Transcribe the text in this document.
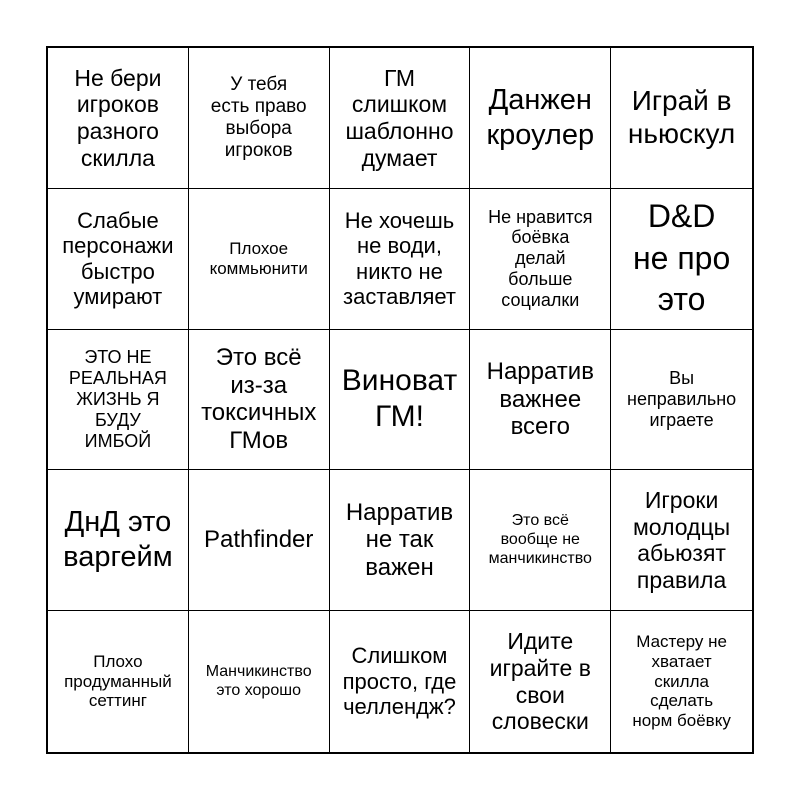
Не бери
игроков
разного
скилла
У тебя
есть право
выбора
игроков
ГМ
слишком
шаблонно
думает
Данжен
кроулер
Играй в
ньюскул
Слабые
персонажи
быстро
умирают
Плохое
коммьюнити
Не хочешь
не води,
никто не
заставляет
Не нравится
боёвка
делай
больше
социалки
D&D
не про
это
ЭТО НЕ
РЕАЛЬНАЯ
ЖИЗНЬ Я
БУДУ
ИМБОЙ
Это всё
из-за
токсичных
ГМов
Виноват
ГМ!
Нарратив
важнее
всего
Вы
неправильно
играете
ДнД это
варгейм
Pathfinder
Нарратив
не так
важен
Это всё
вообще не
манчикинство
Игроки
молодцы
абьюзят
правила
Плохо
продуманный
сеттинг
Манчикинство
это хорошо
Слишком
просто, где
челлендж?
Идите
играйте в
свои
словески
Мастеру не
хватает
скилла
сделать
норм боёвку
